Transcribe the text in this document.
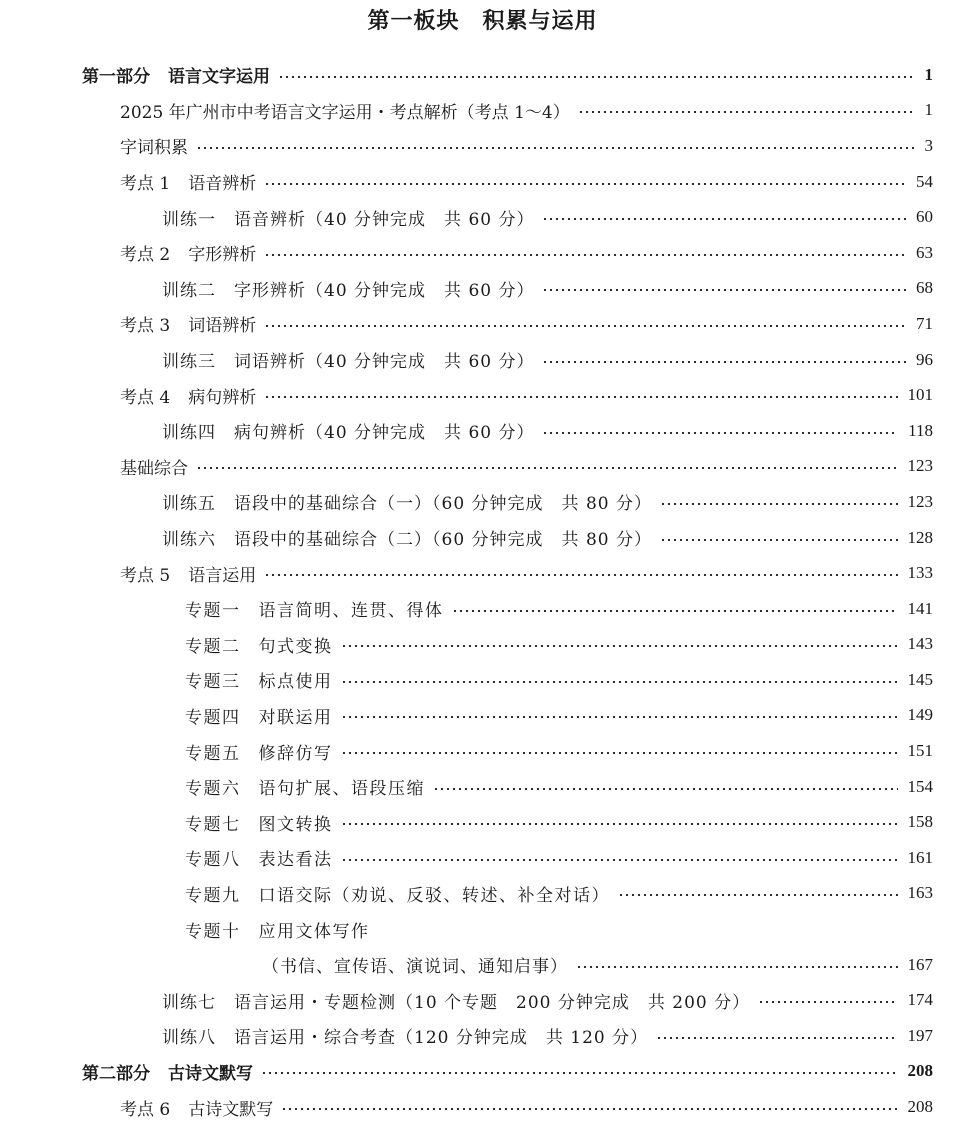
第一板块　积累与运用
第一部分 语言文字运用	1
2025 年广州市中考语言文字运用・考点解析（考点 1～4）	1
字词积累	3
考点 1 语音辨析	54
训练一 语音辨析（40 分钟完成　共 60 分）	60
考点 2 字形辨析	63
训练二 字形辨析（40 分钟完成　共 60 分）	68
考点 3 词语辨析	71
训练三 词语辨析（40 分钟完成　共 60 分）	96
考点 4 病句辨析	101
训练四 病句辨析（40 分钟完成　共 60 分）	118
基础综合	123
训练五 语段中的基础综合（一）（60 分钟完成　共 80 分）	123
训练六 语段中的基础综合（二）（60 分钟完成　共 80 分）	128
考点 5 语言运用	133
专题一 语言简明、连贯、得体	141
专题二 句式变换	143
专题三 标点使用	145
专题四 对联运用	149
专题五 修辞仿写	151
专题六 语句扩展、语段压缩	154
专题七 图文转换	158
专题八 表达看法	161
专题九 口语交际（劝说、反驳、转述、补全对话）	163
专题十 应用文体写作
（书信、宣传语、演说词、通知启事）	167
训练七 语言运用・专题检测（10 个专题　200 分钟完成　共 200 分）	174
训练八 语言运用・综合考查（120 分钟完成　共 120 分）	197
第二部分 古诗文默写	208
考点 6 古诗文默写	208
